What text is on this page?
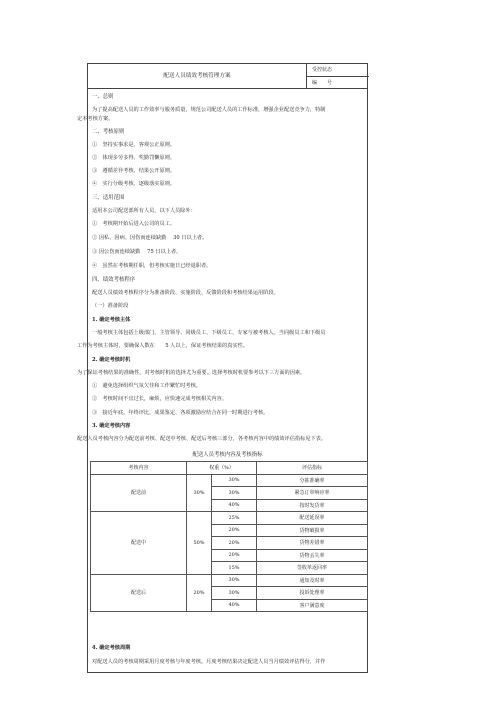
配送人员绩效考核管理方案
受控状态
编　　号
一、总则
为了提高配送人员的工作效率与服务质量，规范公司配送人员的工作标准，增强企业配送竞争力，特制
定本考核方案。
二、考核原则
①　坚持实事求是、客观公正原则。
②　体现多劳多得、奖勤罚懒原则。
③　遵循差异考核、结果公开原则。
④　实行分级考核、逐级落实原则。
三、适用范围
适用本公司配送部所有人员，以下人员除外：
①　考核期开始后进入公司的员工。
② 因私、因病、因伤而连续缺勤　 30 日以上者。
③ 因公伤而连续缺勤　 75 日以上者。
④　虽然在考核期任职，但考核实施日已经退职者。
四、绩效考核程序
配送人员绩效考核程序分为准备阶段、实施阶段、反馈阶段和考核结果运用阶段。
（一）准备阶段
1. 确定考核主体
一般考核主体包括上级部门、主管领导、同级员工、下级员工、专家与被考核人。当同级员工和下级员
工作为考核主体时，要确保人数在　　5 人以上，保证考核结果的真实性。
2. 确定考核时机
为了保证考核结果的准确性，对考核时机的选择尤为重要。选择考核时机要参考以下三方面的因素。
①　避免选择组织气氛欠佳和工作繁忙时考核。
②　考核时间不宜过长，麻烦，应快速完成考核相关内容。
③　接近年底，年终评比，成果鉴定、各项激励应结合在同一时期进行考核。
3. 确定考核内容
配送人员考核内容分为配送前考核、配送中考核、配送后考核三部分，各考核内容中的绩效评估指标见下表。
配送人员考核内容及考核指标
考核内容	权重（%）		评估指标
配送前	30%	30%	分拣准确率
		30%	紧急订单响应率
		40%	按时发货率
配送中	50%	25%	配送延误率
		20%	货物破损率
		20%	货物差错率
		20%	货物丢失率
		15%	签收单返回率
配送后	20%	30%	通知及时率
		30%	投诉处理率
		40%	客户满意度
4. 确定考核周期
对配送人员的考核周期采用月度考核与年度考核。月度考核结果决定配送人员当月绩效评估得分，并作
